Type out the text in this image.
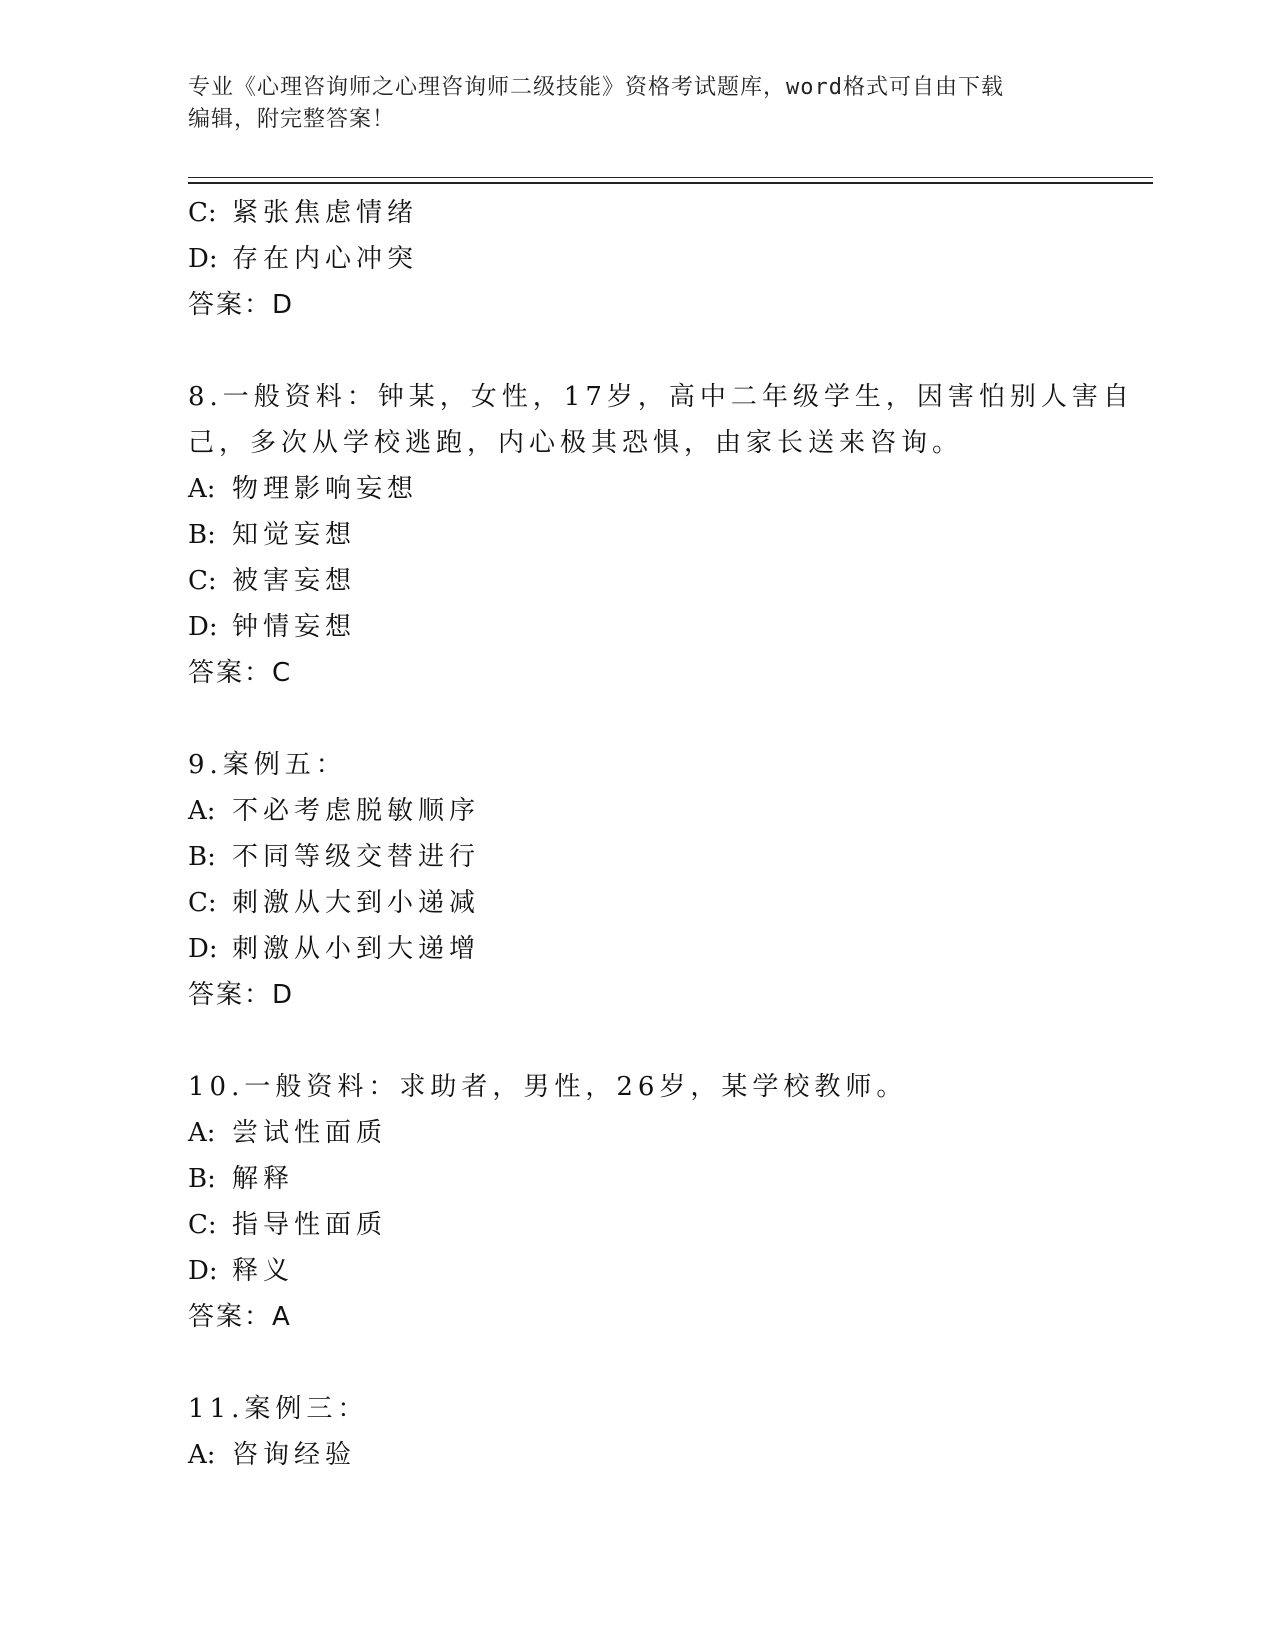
专业《心理咨询师之心理咨询师二级技能》资格考试题库，word格式可自由下载
编辑，附完整答案！
C: 紧张焦虑情绪
D: 存在内心冲突
答案：D
8.一般资料：钟某，女性，17岁，高中二年级学生，因害怕别人害自
己，多次从学校逃跑，内心极其恐惧，由家长送来咨询。
A: 物理影响妄想
B: 知觉妄想
C: 被害妄想
D: 钟情妄想
答案：C
9.案例五：
A: 不必考虑脱敏顺序
B: 不同等级交替进行
C: 刺激从大到小递减
D: 刺激从小到大递增
答案：D
10.一般资料：求助者，男性，26岁，某学校教师。
A: 尝试性面质
B: 解释
C: 指导性面质
D: 释义
答案：A
11.案例三：
A: 咨询经验
